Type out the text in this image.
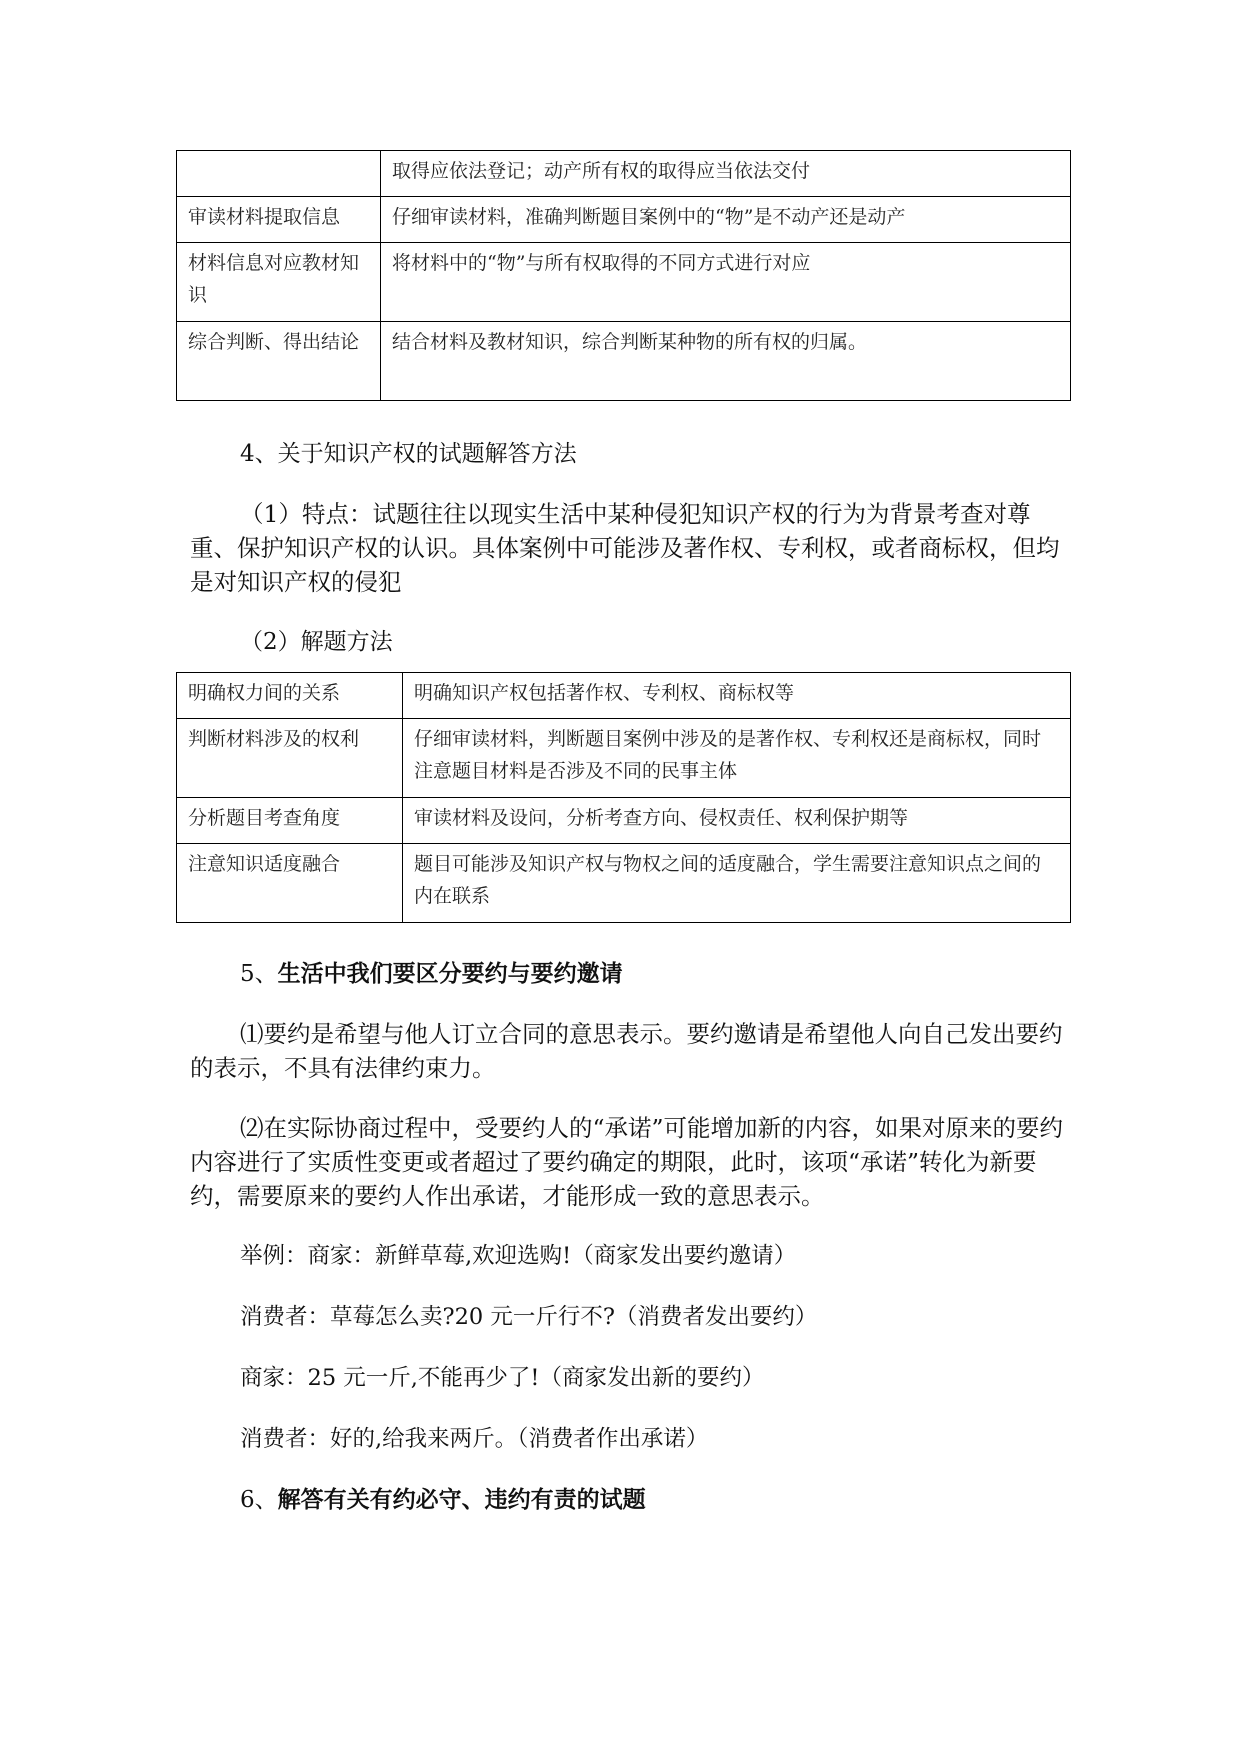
	取得应依法登记；动产所有权的取得应当依法交付
审读材料提取信息	仔细审读材料，准确判断题目案例中的“物”是不动产还是动产
材料信息对应教材知识	将材料中的“物”与所有权取得的不同方式进行对应
综合判断、得出结论	结合材料及教材知识，综合判断某种物的所有权的归属。

4、关于知识产权的试题解答方法

（1）特点：试题往往以现实生活中某种侵犯知识产权的行为为背景考查对尊重、保护知识产权的认识。具体案例中可能涉及著作权、专利权，或者商标权，但均是对知识产权的侵犯

（2）解题方法

明确权力间的关系	明确知识产权包括著作权、专利权、商标权等
判断材料涉及的权利	仔细审读材料，判断题目案例中涉及的是著作权、专利权还是商标权，同时注意题目材料是否涉及不同的民事主体
分析题目考查角度	审读材料及设问，分析考查方向、侵权责任、权利保护期等
注意知识适度融合	题目可能涉及知识产权与物权之间的适度融合，学生需要注意知识点之间的内在联系

5、生活中我们要区分要约与要约邀请

⑴要约是希望与他人订立合同的意思表示。要约邀请是希望他人向自己发出要约的表示，不具有法律约束力。

⑵在实际协商过程中，受要约人的“承诺”可能增加新的内容，如果对原来的要约内容进行了实质性变更或者超过了要约确定的期限，此时，该项“承诺”转化为新要约，需要原来的要约人作出承诺，才能形成一致的意思表示。

举例：商家：新鲜草莓,欢迎选购!（商家发出要约邀请）

消费者：草莓怎么卖?20 元一斤行不?（消费者发出要约）

商家：25 元一斤,不能再少了!（商家发出新的要约）

消费者：好的,给我来两斤。（消费者作出承诺）

6、解答有关有约必守、违约有责的试题
